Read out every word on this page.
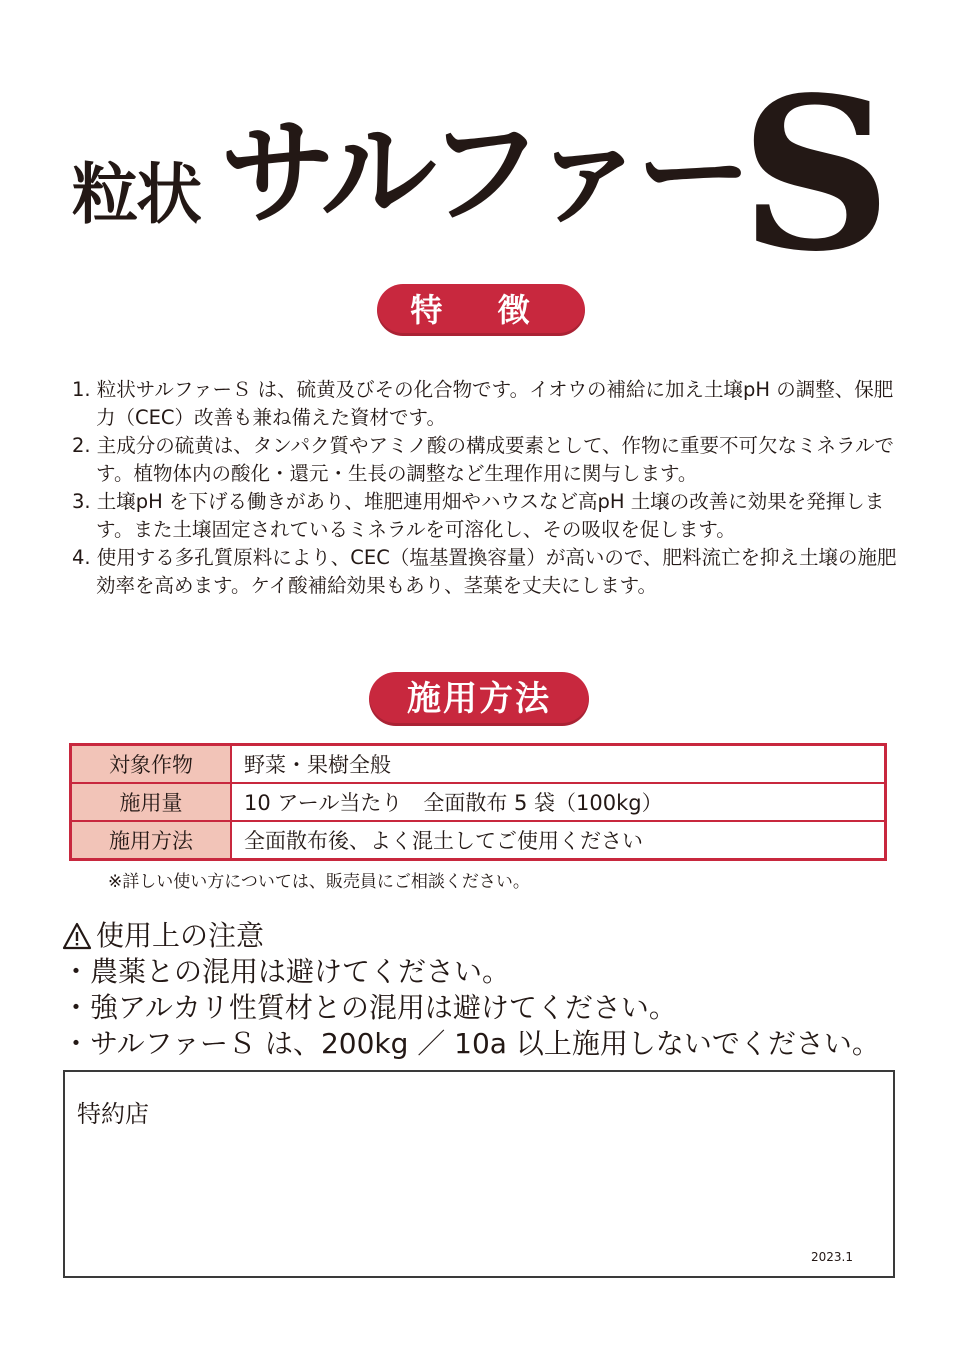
粒状 サルファー
S
特 徴
1. 粒状サルファーＳ は、硫黄及びその化合物です。イオウの補給に加え土壌pH の調整、保肥力（CEC）改善も兼ね備えた資材です。
2. 主成分の硫黄は、タンパク質やアミノ酸の構成要素として、作物に重要不可欠なミネラルです。植物体内の酸化・還元・生長の調整など生理作用に関与します。
3. 土壌pH を下げる働きがあり、堆肥連用畑やハウスなど高pH 土壌の改善に効果を発揮します。また土壌固定されているミネラルを可溶化し、その吸収を促します。
4. 使用する多孔質原料により、CEC（塩基置換容量）が高いので、肥料流亡を抑え土壌の施肥効率を高めます。ケイ酸補給効果もあり、茎葉を丈夫にします。
施用方法
対象作物	野菜・果樹全般
施用量	10 アール当たり　全面散布 5 袋（100kg）
施用方法	全面散布後、よく混土してご使用ください
※詳しい使い方については、販売員にご相談ください。
使用上の注意
・農薬との混用は避けてください。
・強アルカリ性質材との混用は避けてください。
・サルファーＳ は、200kg ／ 10a 以上施用しないでください。
特約店
2023.1
